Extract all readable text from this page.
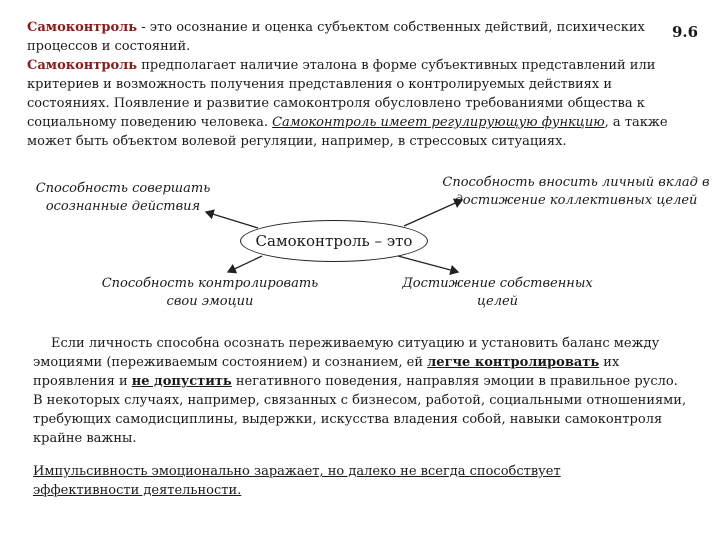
Самоконтроль - это осознание и оценка субъектом собственных действий, психических процессов и состояний.
Самоконтроль предполагает наличие эталона в форме субъективных представлений или критериев и возможность получения представления о контролируемых действиях и состояниях. Появление и развитие самоконтроля обусловлено требованиями общества к социальному поведению человека. Самоконтроль имеет регулирующую функцию, а также может быть объектом волевой регуляции, например, в стрессовых ситуациях.
9.6
Способность совершать осознанные действия
Способность вносить личный вклад в достижение коллективных целей
Самоконтроль – это
Способность контролировать свои эмоции
Достижение собственных целей
Если личность способна осознать переживаемую ситуацию и установить баланс между эмоциями (переживаемым состоянием) и сознанием, ей легче контролировать их проявления и не допустить негативного поведения, направляя эмоции в правильное русло. В некоторых случаях, например, связанных с бизнесом, работой, социальными отношениями, требующих самодисциплины, выдержки, искусства владения собой, навыки самоконтроля крайне важны.
Импульсивность эмоционально заражает, но далеко не всегда способствует эффективности деятельности.
